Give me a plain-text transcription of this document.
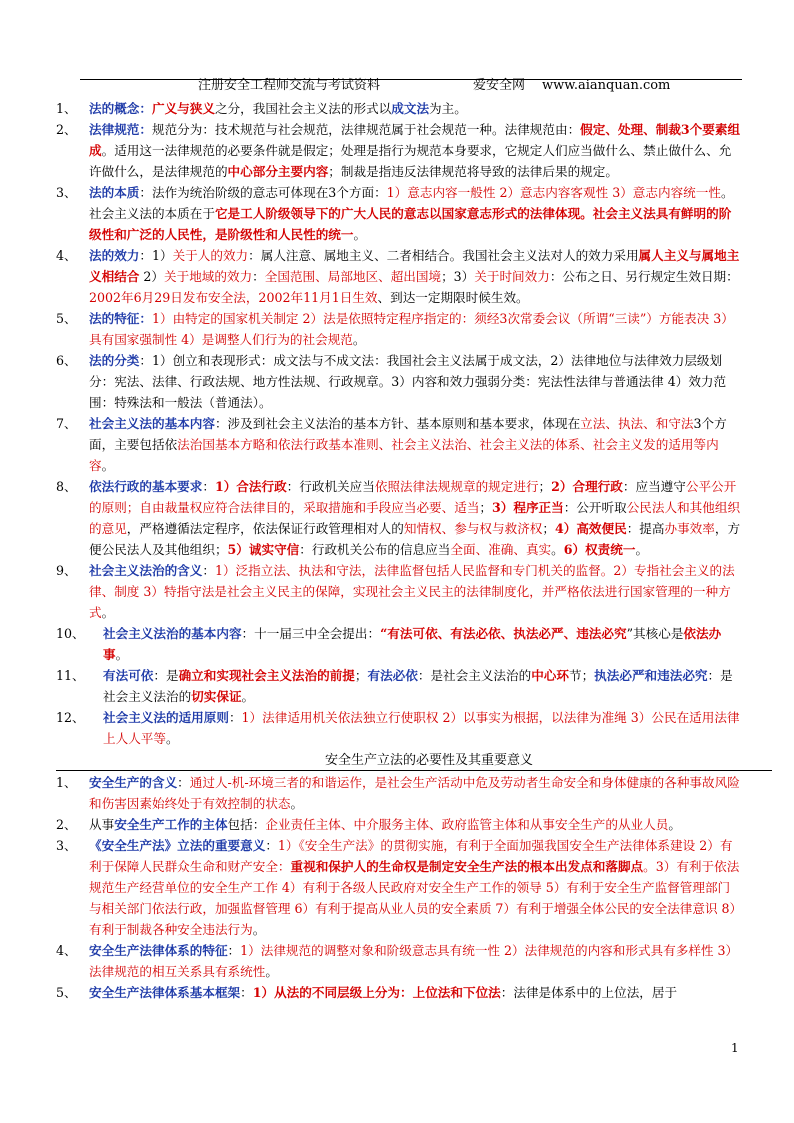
注册安全工程师交流与考试资料	爱安全网 www.aianquan.com

1、 法的概念：广义与狭义之分，我国社会主义法的形式以成文法为主。

2、 法律规范：规范分为：技术规范与社会规范，法律规范属于社会规范一种。法律规范由：假定、处理、制裁3个要素组成。适用这一法律规范的必要条件就是假定；处理是指行为规范本身要求，它规定人们应当做什么、禁止做什么、允许做什么，是法律规范的中心部分主要内容；制裁是指违反法律规范将导致的法律后果的规定。

3、 法的本质：法作为统治阶级的意志可体现在3个方面：1）意志内容一般性 2）意志内容客观性 3）意志内容统一性。社会主义法的本质在于它是工人阶级领导下的广大人民的意志以国家意志形式的法律体现。社会主义法具有鲜明的阶级性和广泛的人民性，是阶级性和人民性的统一。

4、 法的效力：1）关于人的效力：属人注意、属地主义、二者相结合。我国社会主义法对人的效力采用属人主义与属地主义相结合 2）关于地域的效力：全国范围、局部地区、超出国境；3）关于时间效力：公布之日、另行规定生效日期：2002年6月29日发布安全法，2002年11月1日生效、到达一定期限时候生效。

5、 法的特征：1）由特定的国家机关制定 2）法是依照特定程序指定的：须经3次常委会议（所谓“三读”）方能表决 3）具有国家强制性 4）是调整人们行为的社会规范。

6、 法的分类：1）创立和表现形式：成文法与不成文法：我国社会主义法属于成文法，2）法律地位与法律效力层级划分：宪法、法律、行政法规、地方性法规、行政规章。3）内容和效力强弱分类：宪法性法律与普通法律 4）效力范围：特殊法和一般法（普通法）。

7、 社会主义法的基本内容：涉及到社会主义法治的基本方针、基本原则和基本要求，体现在立法、执法、和守法3个方面，主要包括依法治国基本方略和依法行政基本准则、社会主义法治、社会主义法的体系、社会主义发的适用等内容。

8、 依法行政的基本要求：1）合法行政：行政机关应当依照法律法规规章的规定进行；2）合理行政：应当遵守公平公开的原则；自由裁量权应符合法律目的，采取措施和手段应当必要、适当；3）程序正当：公开听取公民法人和其他组织的意见，严格遵循法定程序，依法保证行政管理相对人的知情权、参与权与救济权；4）高效便民：提高办事效率，方便公民法人及其他组织；5）诚实守信：行政机关公布的信息应当全面、准确、真实。6）权责统一。

9、 社会主义法治的含义：1）泛指立法、执法和守法，法律监督包括人民监督和专门机关的监督。2）专指社会主义的法律、制度 3）特指守法是社会主义民主的保障，实现社会主义民主的法律制度化，并严格依法进行国家管理的一种方式。

10、 社会主义法治的基本内容：十一届三中全会提出：“有法可依、有法必依、执法必严、违法必究”其核心是依法办事。

11、 有法可依：是确立和实现社会主义法治的前提；有法必依：是社会主义法治的中心环节；执法必严和违法必究：是社会主义法治的切实保证。

12、 社会主义法的适用原则：1）法律适用机关依法独立行使职权 2）以事实为根据，以法律为准绳 3）公民在适用法律上人人平等。

安全生产立法的必要性及其重要意义

1、 安全生产的含义：通过人-机-环境三者的和谐运作，是社会生产活动中危及劳动者生命安全和身体健康的各种事故风险和伤害因素始终处于有效控制的状态。

2、 从事安全生产工作的主体包括：企业责任主体、中介服务主体、政府监管主体和从事安全生产的从业人员。

3、 《安全生产法》立法的重要意义：1）《安全生产法》的贯彻实施，有利于全面加强我国安全生产法律体系建设 2）有利于保障人民群众生命和财产安全：重视和保护人的生命权是制定安全生产法的根本出发点和落脚点。3）有利于依法规范生产经营单位的安全生产工作 4）有利于各级人民政府对安全生产工作的领导 5）有利于安全生产监督管理部门与相关部门依法行政，加强监督管理 6）有利于提高从业人员的安全素质 7）有利于增强全体公民的安全法律意识 8）有利于制裁各种安全违法行为。

4、 安全生产法律体系的特征：1）法律规范的调整对象和阶级意志具有统一性 2）法律规范的内容和形式具有多样性 3）法律规范的相互关系具有系统性。

5、 安全生产法律体系基本框架：1）从法的不同层级上分为：上位法和下位法：法律是体系中的上位法，居于

1
